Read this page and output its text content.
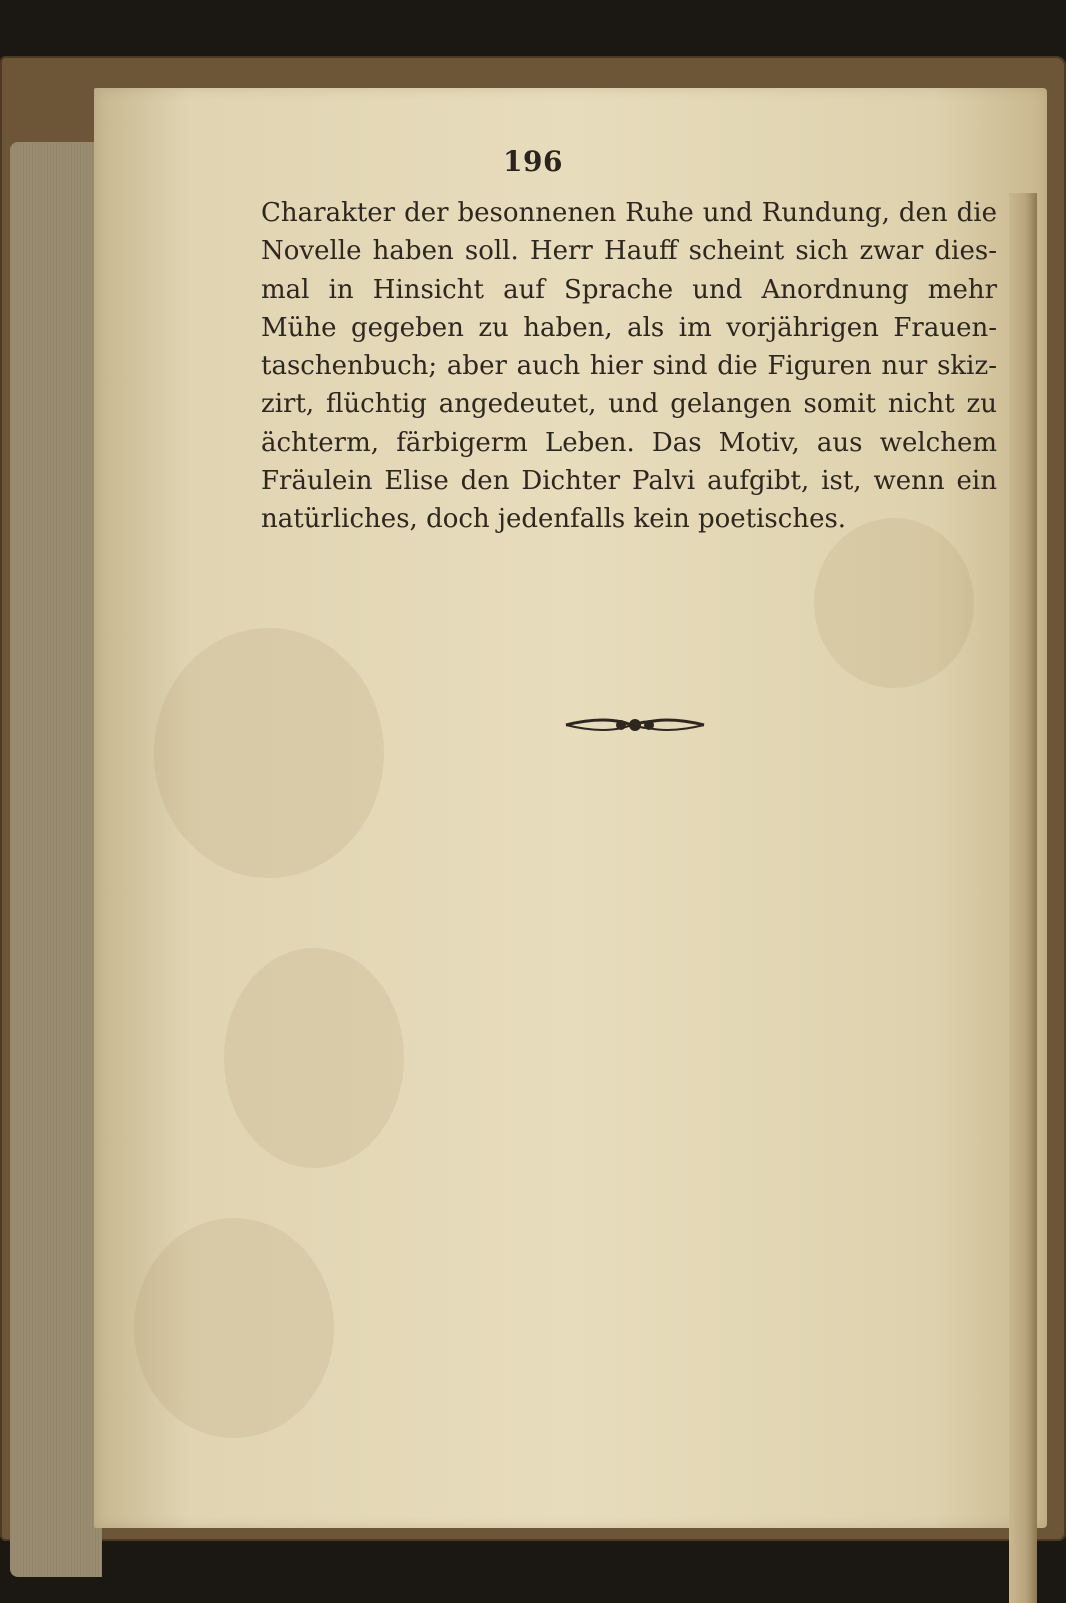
196

Charakter der besonnenen Ruhe und Rundung, den die Novelle haben soll. Herr Hauff scheint sich zwar dies- mal in Hinsicht auf Sprache und Anordnung mehr Mühe gegeben zu haben, als im vorjährigen Frauen- taschenbuch; aber auch hier sind die Figuren nur skiz- zirt, flüchtig angedeutet, und gelangen somit nicht zu ächterm, färbigerm Leben. Das Motiv, aus welchem Fräulein Elise den Dichter Palvi aufgibt, ist, wenn ein natürliches, doch jedenfalls kein poetisches.
